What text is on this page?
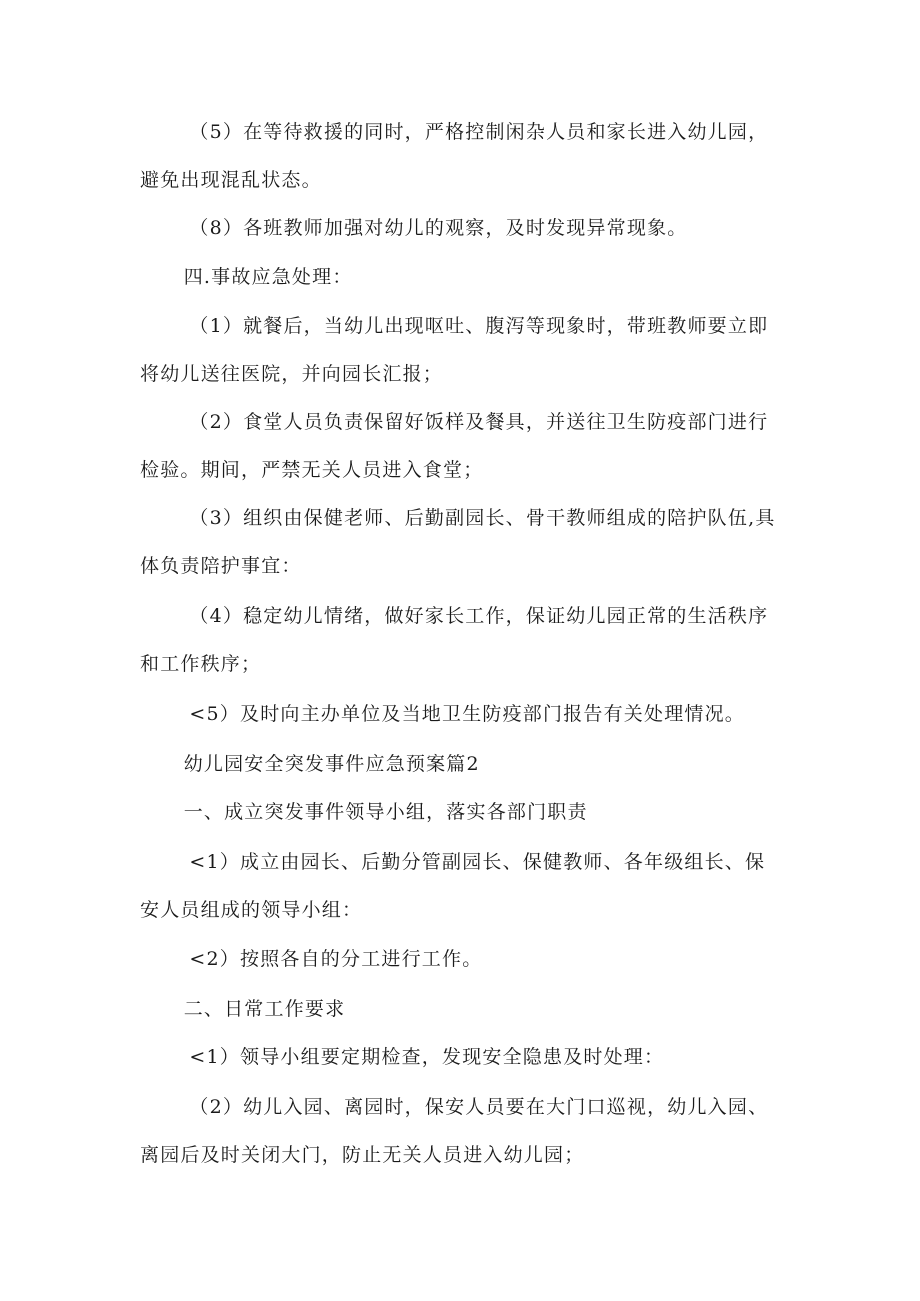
（5）在等待救援的同时，严格控制闲杂人员和家长进入幼儿园，避免出现混乱状态。

（8）各班教师加强对幼儿的观察，及时发现异常现象。

四.事故应急处理：

（1）就餐后，当幼儿出现呕吐、腹泻等现象时，带班教师要立即将幼儿送往医院，并向园长汇报；

（2）食堂人员负责保留好饭样及餐具，并送往卫生防疫部门进行检验。期间，严禁无关人员进入食堂；

（3）组织由保健老师、后勤副园长、骨干教师组成的陪护队伍,具体负责陪护事宜：

（4）稳定幼儿情绪，做好家长工作，保证幼儿园正常的生活秩序和工作秩序；

<5）及时向主办单位及当地卫生防疫部门报告有关处理情况。

幼儿园安全突发事件应急预案篇2

一、成立突发事件领导小组，落实各部门职责

<1）成立由园长、后勤分管副园长、保健教师、各年级组长、保安人员组成的领导小组：

<2）按照各自的分工进行工作。

二、日常工作要求

<1）领导小组要定期检查，发现安全隐患及时处理：

（2）幼儿入园、离园时，保安人员要在大门口巡视，幼儿入园、离园后及时关闭大门，防止无关人员进入幼儿园；
